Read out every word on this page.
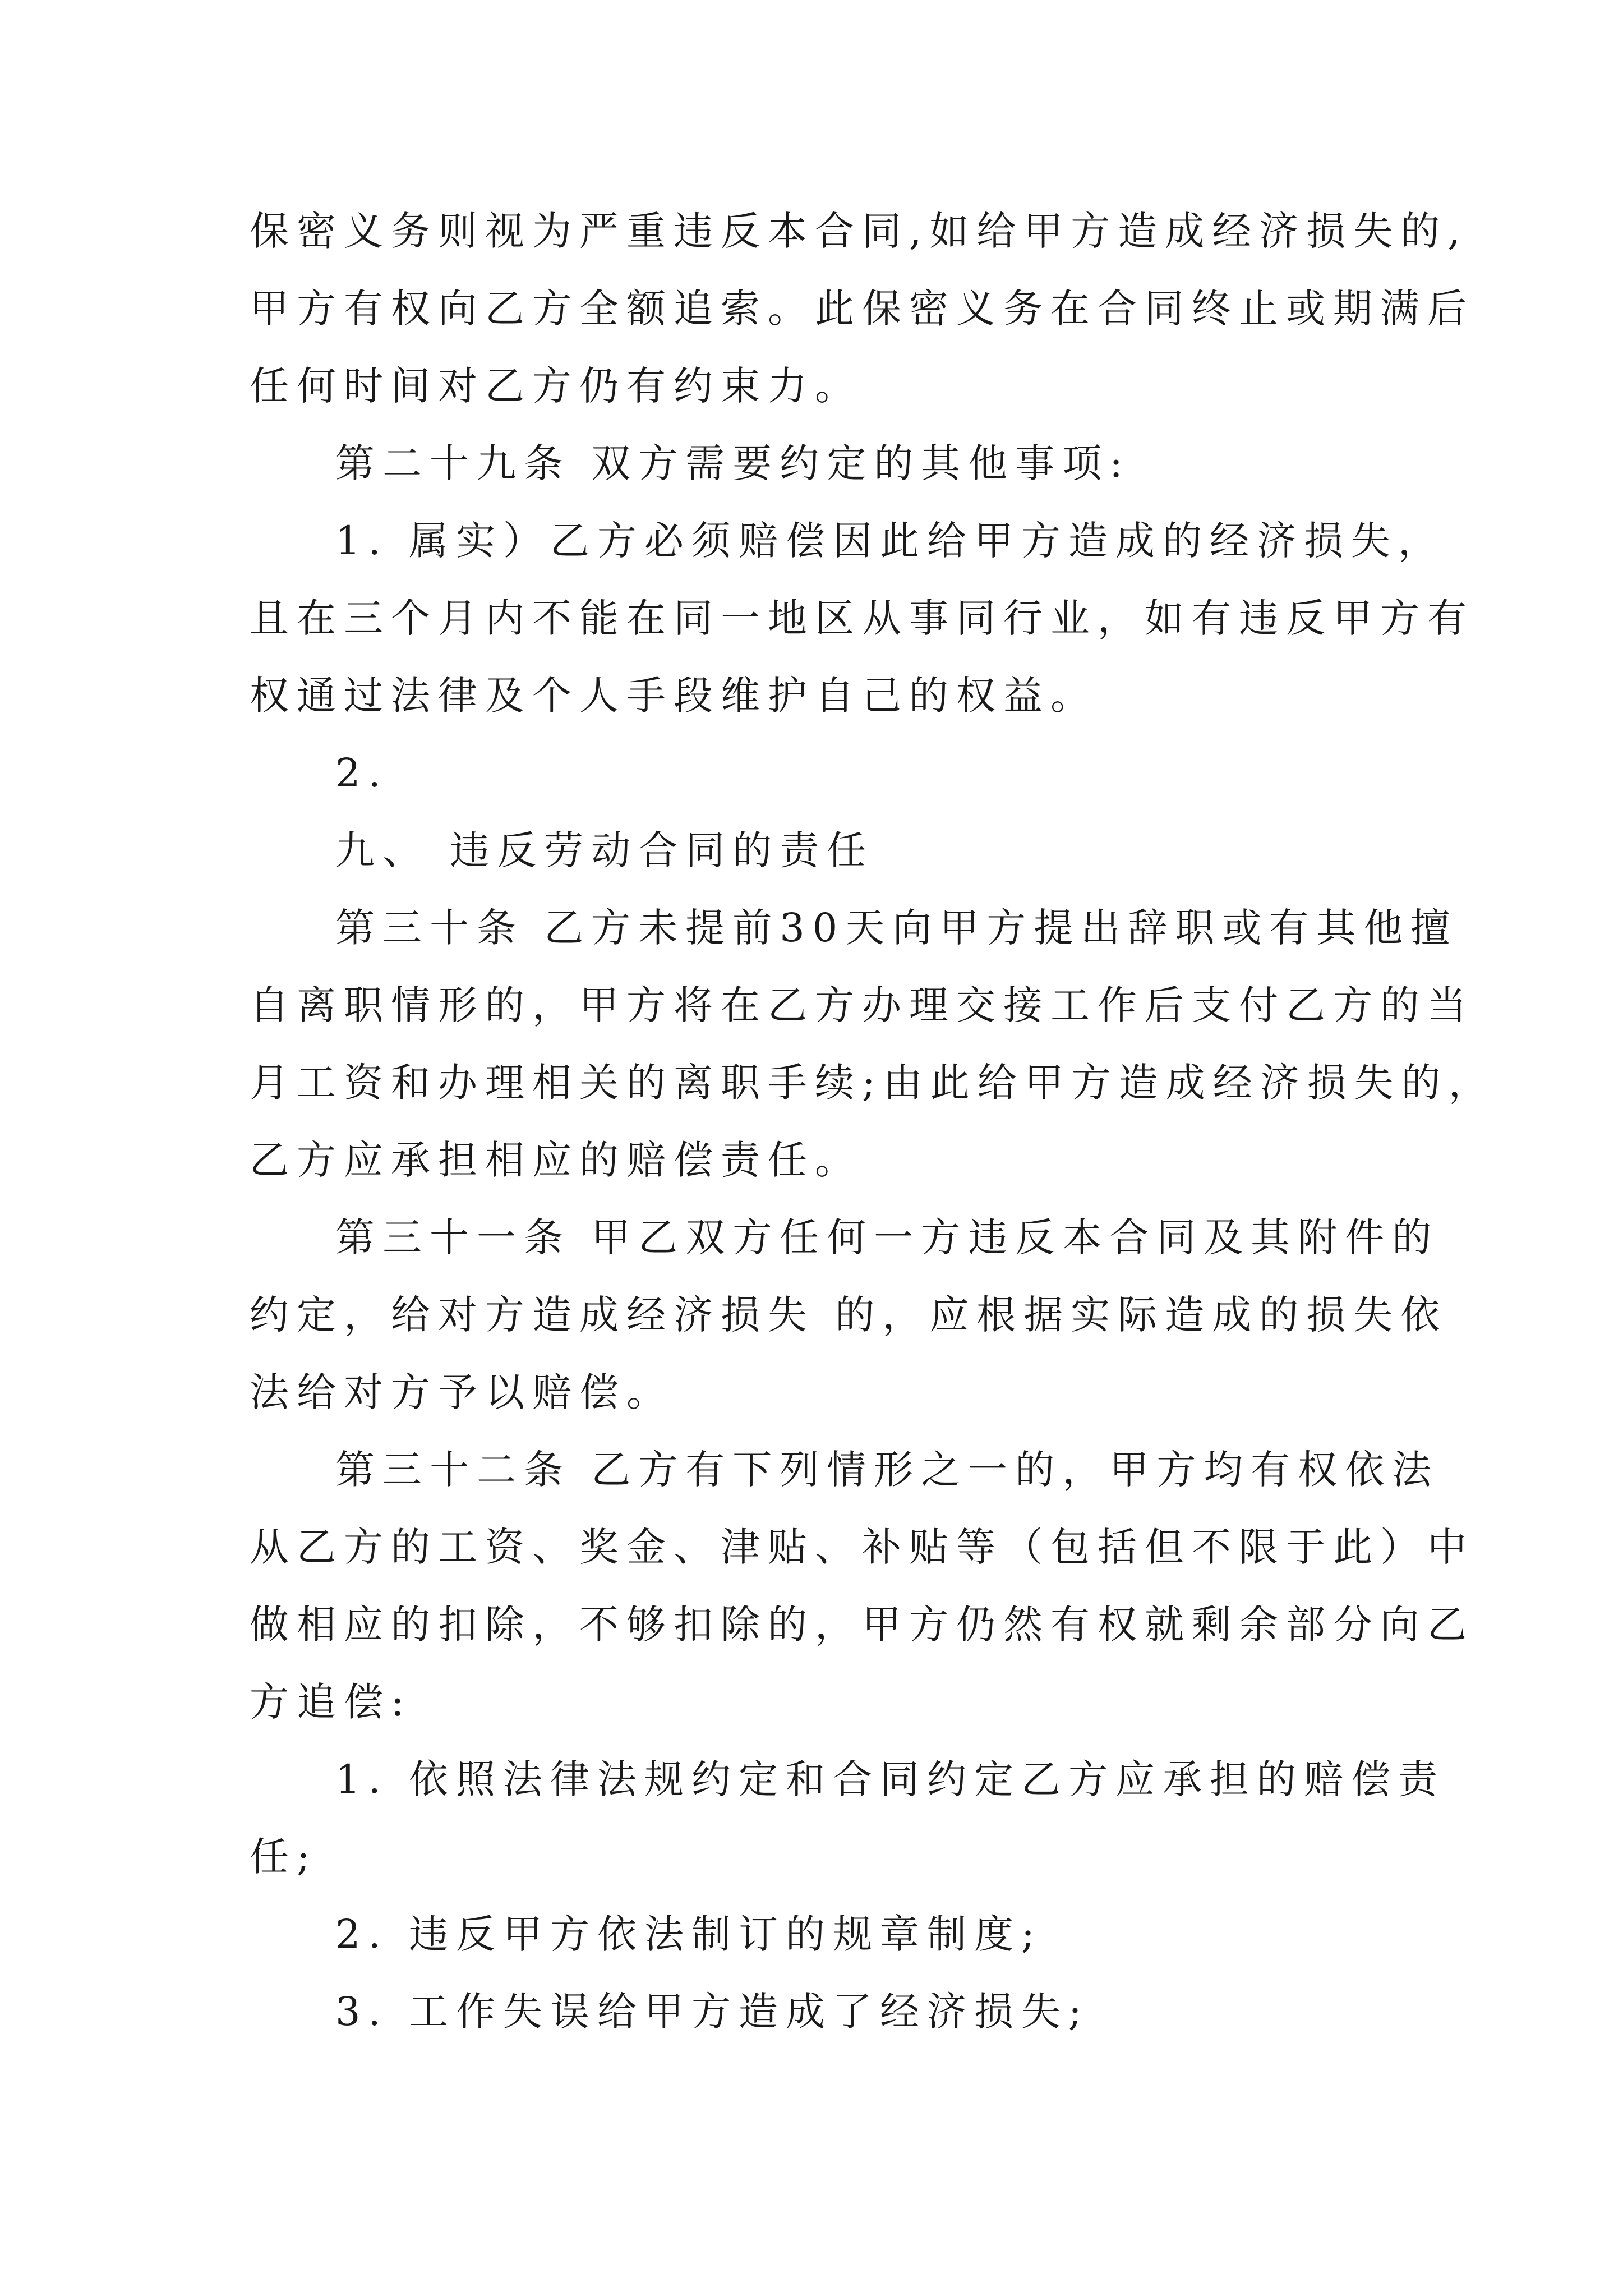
保密义务则视为严重违反本合同,如给甲方造成经济损失的,
甲方有权向乙方全额追索。此保密义务在合同终止或期满后
任何时间对乙方仍有约束力。
第二十九条 双方需要约定的其他事项:
1. 属实）乙方必须赔偿因此给甲方造成的经济损失，
且在三个月内不能在同一地区从事同行业，如有违反甲方有
权通过法律及个人手段维护自己的权益。
2.
九、 违反劳动合同的责任
第三十条 乙方未提前30天向甲方提出辞职或有其他擅
自离职情形的，甲方将在乙方办理交接工作后支付乙方的当
月工资和办理相关的离职手续;由此给甲方造成经济损失的，
乙方应承担相应的赔偿责任。
第三十一条 甲乙双方任何一方违反本合同及其附件的
约定，给对方造成经济损失 的，应根据实际造成的损失依
法给对方予以赔偿。
第三十二条 乙方有下列情形之一的，甲方均有权依法
从乙方的工资、奖金、津贴、补贴等（包括但不限于此）中
做相应的扣除，不够扣除的，甲方仍然有权就剩余部分向乙
方追偿:
1. 依照法律法规约定和合同约定乙方应承担的赔偿责
任;
2. 违反甲方依法制订的规章制度;
3. 工作失误给甲方造成了经济损失;
